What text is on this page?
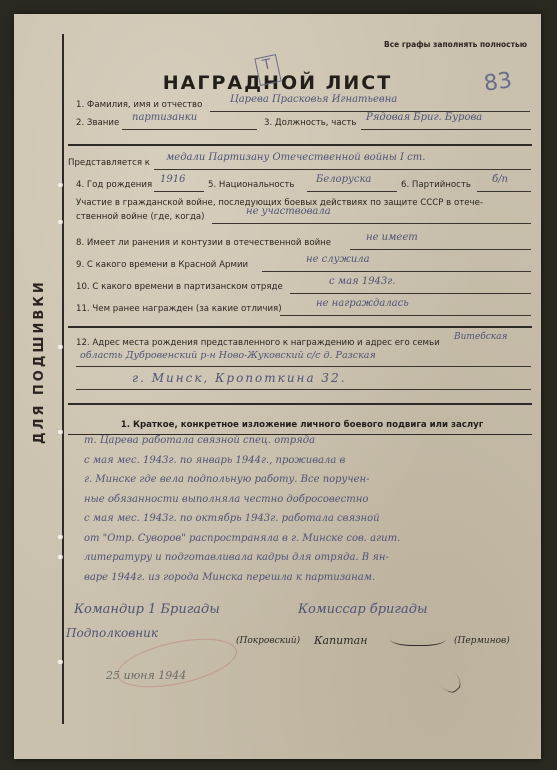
ДЛЯ ПОДШИВКИ
Все графы заполнять полностью
НАГРАДНОЙ ЛИСТ	83
Т
1. Фамилия, имя и отчество	Царева Прасковья Игнатьевна
2. Звание партизанки	3. Должность, часть Рядовая Бриг. Бурова
Представляется к медали Партизану Отечественной войны I ст.
4. Год рождения 1916	5. Национальность Белоруска	6. Партийность б/п
Участие в гражданской войне, последующих боевых действиях по защите СССР в отече-
ственной войне (где, когда)	не участвовала
8. Имеет ли ранения и контузии в отечественной войне	не имеет
9. С какого времени в Красной Армии	не служила
10. С какого времени в партизанском отряде	с мая 1943г.
11. Чем ранее награжден (за какие отличия)	не награждалась
12. Адрес места рождения представленного к награждению и адрес его семьи
Витебская
область Дубровенский р-н Ново-Жуковский с/с д. Разская
г. Минск, Кропоткина 32.
1. Краткое, конкретное изложение личного боевого подвига или заслуг
т. Царева работала связной спец. отряда
с мая мес. 1943г. по январь 1944г., проживала в
г. Минске где вела подпольную работу. Все поручен-
ные обязанности выполняла честно добросовестно
с мая мес. 1943г. по октябрь 1943г. работала связной
от "Отр. Суворов" распространяла в г. Минске сов. агит.
литературу и подготавливала кадры для отряда. В ян-
варе 1944г. из города Минска перешла к партизанам.
Командир 1 Бригады
Подполковник
Комиссар бригады
(Покровский) Капитан	(Перминов)
25 июня 1944
